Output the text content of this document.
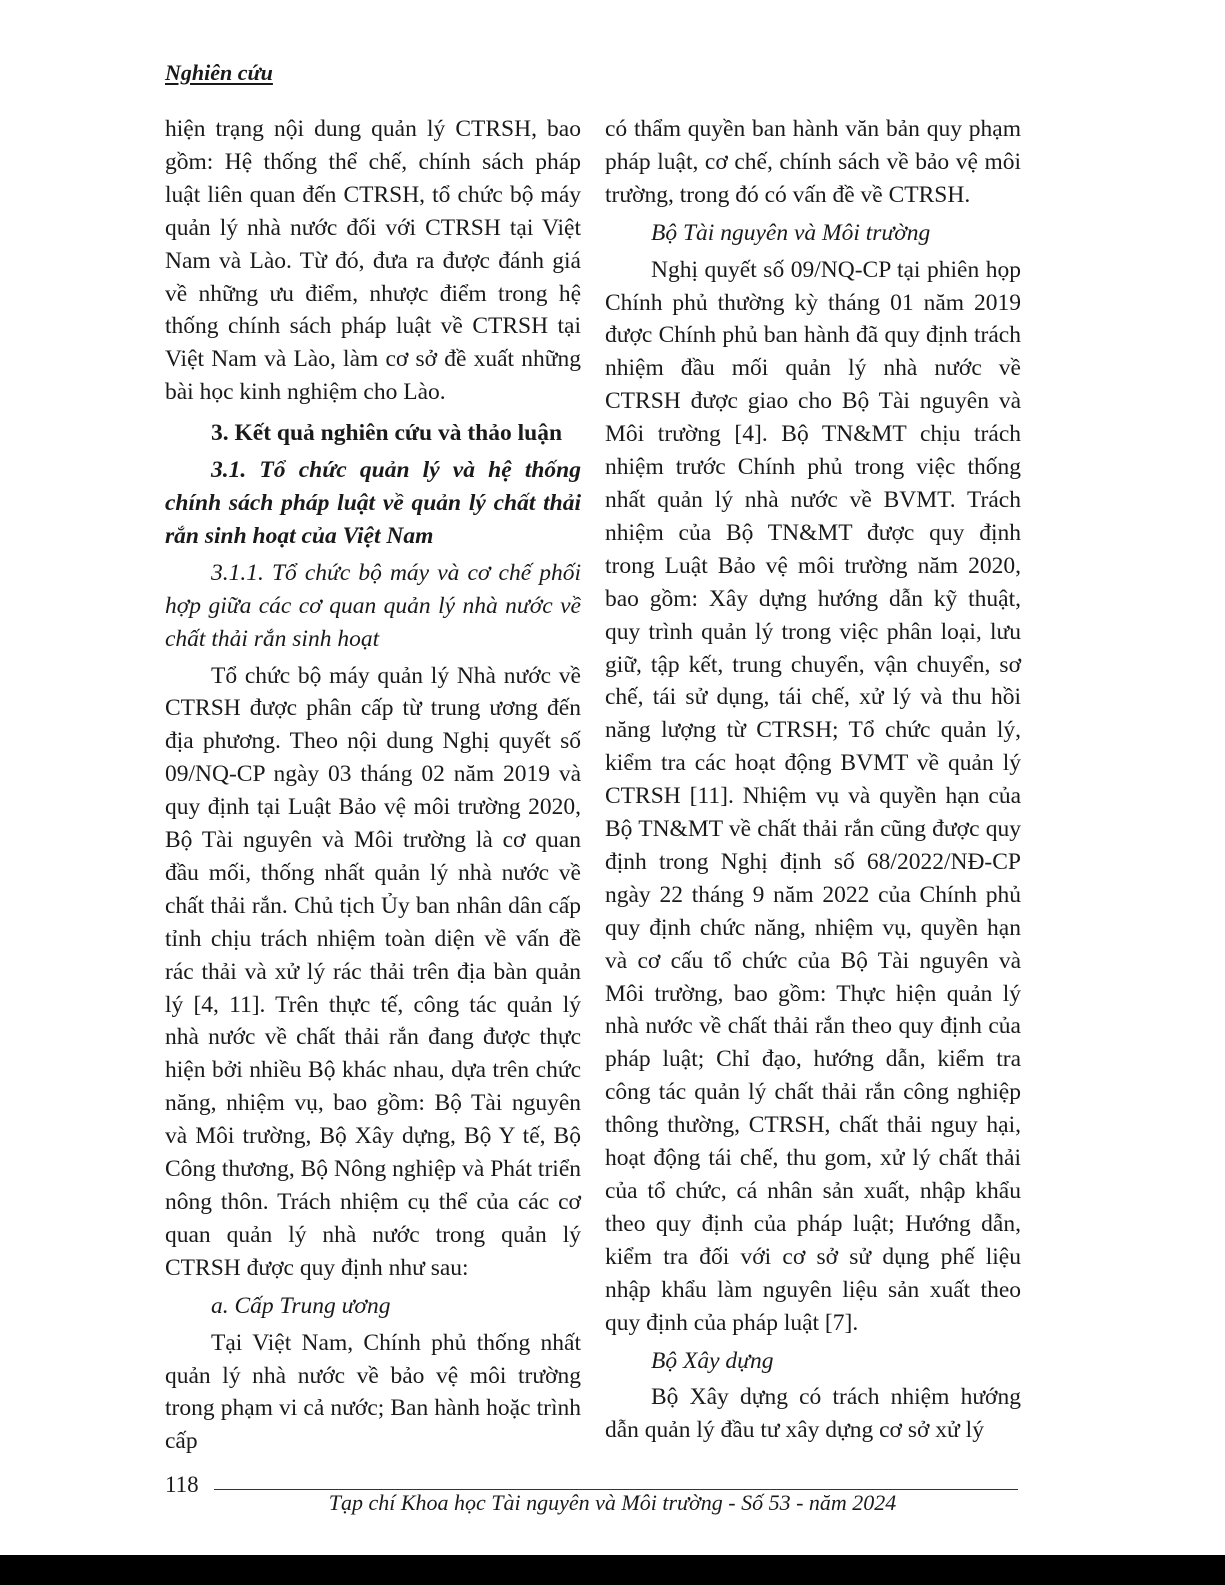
Nghiên cứu

hiện trạng nội dung quản lý CTRSH, bao gồm: Hệ thống thể chế, chính sách pháp luật liên quan đến CTRSH, tổ chức bộ máy quản lý nhà nước đối với CTRSH tại Việt Nam và Lào. Từ đó, đưa ra được đánh giá về những ưu điểm, nhược điểm trong hệ thống chính sách pháp luật về CTRSH tại Việt Nam và Lào, làm cơ sở đề xuất những bài học kinh nghiệm cho Lào.

3. Kết quả nghiên cứu và thảo luận

3.1. Tổ chức quản lý và hệ thống chính sách pháp luật về quản lý chất thải rắn sinh hoạt của Việt Nam

3.1.1. Tổ chức bộ máy và cơ chế phối hợp giữa các cơ quan quản lý nhà nước về chất thải rắn sinh hoạt

Tổ chức bộ máy quản lý Nhà nước về CTRSH được phân cấp từ trung ương đến địa phương. Theo nội dung Nghị quyết số 09/NQ-CP ngày 03 tháng 02 năm 2019 và quy định tại Luật Bảo vệ môi trường 2020, Bộ Tài nguyên và Môi trường là cơ quan đầu mối, thống nhất quản lý nhà nước về chất thải rắn. Chủ tịch Ủy ban nhân dân cấp tỉnh chịu trách nhiệm toàn diện về vấn đề rác thải và xử lý rác thải trên địa bàn quản lý [4, 11]. Trên thực tế, công tác quản lý nhà nước về chất thải rắn đang được thực hiện bởi nhiều Bộ khác nhau, dựa trên chức năng, nhiệm vụ, bao gồm: Bộ Tài nguyên và Môi trường, Bộ Xây dựng, Bộ Y tế, Bộ Công thương, Bộ Nông nghiệp và Phát triển nông thôn. Trách nhiệm cụ thể của các cơ quan quản lý nhà nước trong quản lý CTRSH được quy định như sau:

a. Cấp Trung ương

Tại Việt Nam, Chính phủ thống nhất quản lý nhà nước về bảo vệ môi trường trong phạm vi cả nước; Ban hành hoặc trình cấp

có thẩm quyền ban hành văn bản quy phạm pháp luật, cơ chế, chính sách về bảo vệ môi trường, trong đó có vấn đề về CTRSH.

Bộ Tài nguyên và Môi trường

Nghị quyết số 09/NQ-CP tại phiên họp Chính phủ thường kỳ tháng 01 năm 2019 được Chính phủ ban hành đã quy định trách nhiệm đầu mối quản lý nhà nước về CTRSH được giao cho Bộ Tài nguyên và Môi trường [4]. Bộ TN&MT chịu trách nhiệm trước Chính phủ trong việc thống nhất quản lý nhà nước về BVMT. Trách nhiệm của Bộ TN&MT được quy định trong Luật Bảo vệ môi trường năm 2020, bao gồm: Xây dựng hướng dẫn kỹ thuật, quy trình quản lý trong việc phân loại, lưu giữ, tập kết, trung chuyển, vận chuyển, sơ chế, tái sử dụng, tái chế, xử lý và thu hồi năng lượng từ CTRSH; Tổ chức quản lý, kiểm tra các hoạt động BVMT về quản lý CTRSH [11]. Nhiệm vụ và quyền hạn của Bộ TN&MT về chất thải rắn cũng được quy định trong Nghị định số 68/2022/NĐ-CP ngày 22 tháng 9 năm 2022 của Chính phủ quy định chức năng, nhiệm vụ, quyền hạn và cơ cấu tổ chức của Bộ Tài nguyên và Môi trường, bao gồm: Thực hiện quản lý nhà nước về chất thải rắn theo quy định của pháp luật; Chỉ đạo, hướng dẫn, kiểm tra công tác quản lý chất thải rắn công nghiệp thông thường, CTRSH, chất thải nguy hại, hoạt động tái chế, thu gom, xử lý chất thải của tổ chức, cá nhân sản xuất, nhập khẩu theo quy định của pháp luật; Hướng dẫn, kiểm tra đối với cơ sở sử dụng phế liệu nhập khẩu làm nguyên liệu sản xuất theo quy định của pháp luật [7].

Bộ Xây dựng

Bộ Xây dựng có trách nhiệm hướng dẫn quản lý đầu tư xây dựng cơ sở xử lý

118
Tạp chí Khoa học Tài nguyên và Môi trường - Số 53 - năm 2024
